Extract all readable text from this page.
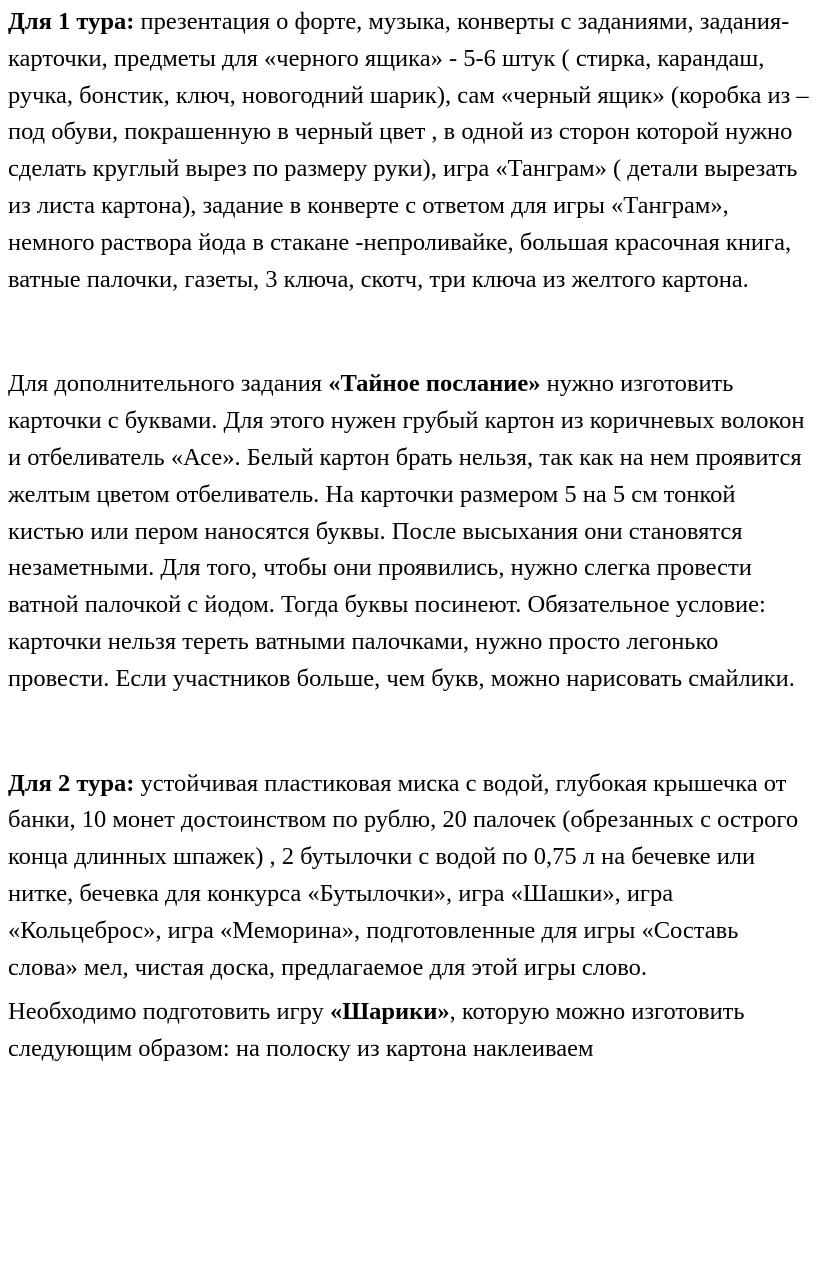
Для 1 тура: презентация о форте, музыка, конверты с заданиями, задания-карточки, предметы для «черного ящика» - 5-6 штук ( стирка, карандаш, ручка, бонстик, ключ, новогодний шарик), сам «черный ящик» (коробка из –под обуви, покрашенную в черный цвет , в одной из сторон которой нужно сделать круглый вырез по размеру руки), игра «Танграм» ( детали вырезать из листа картона), задание в конверте с ответом для игры «Танграм», немного раствора йода в стакане -непроливайке, большая красочная книга, ватные палочки, газеты, 3 ключа, скотч, три ключа из желтого картона.

Для дополнительного задания «Тайное послание» нужно изготовить карточки с буквами. Для этого нужен грубый картон из коричневых волокон и отбеливатель «Асе». Белый картон брать нельзя, так как на нем проявится желтым цветом отбеливатель. На карточки размером 5 на 5 см тонкой кистью или пером наносятся буквы. После высыхания они становятся незаметными. Для того, чтобы они проявились, нужно слегка провести ватной палочкой с йодом. Тогда буквы посинеют. Обязательное условие: карточки нельзя тереть ватными палочками, нужно просто легонько провести. Если участников больше, чем букв, можно нарисовать смайлики.

Для 2 тура: устойчивая пластиковая миска с водой, глубокая крышечка от банки, 10 монет достоинством по рублю, 20 палочек (обрезанных с острого конца длинных шпажек) , 2 бутылочки с водой по 0,75 л на бечевке или нитке, бечевка для конкурса «Бутылочки», игра «Шашки», игра «Кольцеброс», игра «Меморина», подготовленные для игры «Составь слова» мел, чистая доска, предлагаемое для этой игры слово.

Необходимо подготовить игру «Шарики», которую можно изготовить следующим образом: на полоску из картона наклеиваем
